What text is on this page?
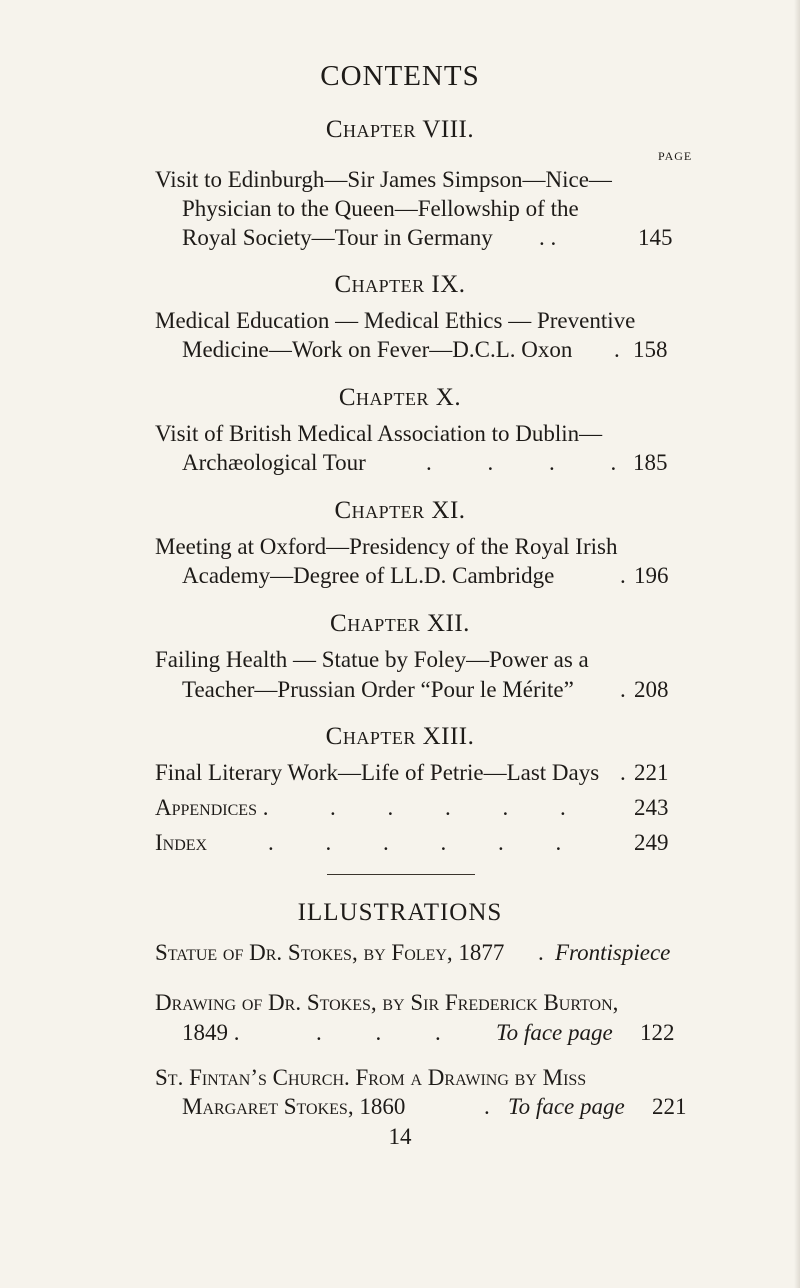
CONTENTS
Chapter VIII.
PAGE
Visit to Edinburgh—Sir James Simpson—Nice—
Physician to the Queen—Fellowship of the
Royal Society—Tour in Germany . .	145
Chapter IX.
Medical Education — Medical Ethics — Preventive
Medicine—Work on Fever—D.C.L. Oxon . 158
Chapter X.
Visit of British Medical Association to Dublin—
Archæological Tour	. . . . 185
Chapter XI.
Meeting at Oxford—Presidency of the Royal Irish
Academy—Degree of LL.D. Cambridge	. 196
Chapter XII.
Failing Health — Statue by Foley—Power as a
Teacher—Prussian Order “Pour le Mérite” . 208
Chapter XIII.
Final Literary Work—Life of Petrie—Last Days . 221
Appendices .	. . . . .	243
Index	. . . . . .	249
ILLUSTRATIONS
Statue of Dr. Stokes, by Foley, 1877 . Frontispiece
Drawing of Dr. Stokes, by Sir Frederick Burton,
1849 .	. . . To face page 122
St. Fintan’s Church. From a Drawing by Miss
Margaret Stokes, 1860	. To face page 221
14
